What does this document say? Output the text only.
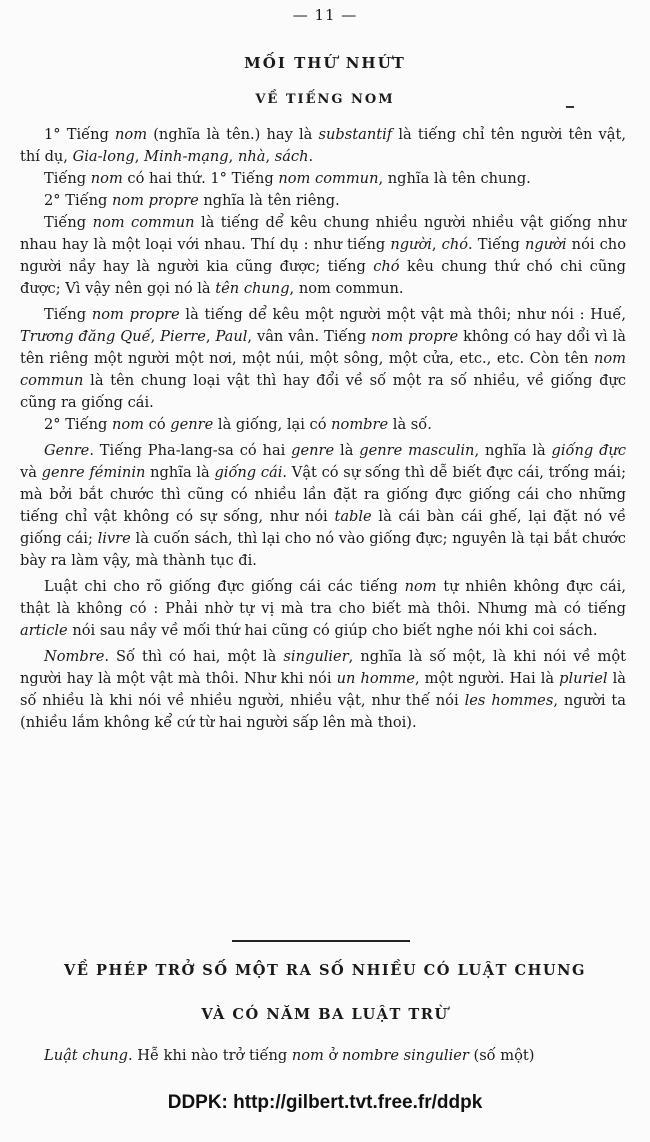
— 11 —
MỐI THỨ NHỨT
VỀ TIẾNG NOM

1° Tiếng nom (nghĩa là tên.) hay là substantif là tiếng chỉ tên người tên vật, thí dụ, Gia-long, Minh-mạng, nhà, sách.

Tiếng nom có hai thứ. 1° Tiếng nom commun, nghĩa là tên chung.

2° Tiếng nom propre nghĩa là tên riêng.

Tiếng nom commun là tiếng dể kêu chung nhiều người nhiều vật giống như nhau hay là một loại với nhau. Thí dụ : như tiếng người, chó. Tiếng người nói cho người nầy hay là người kia cũng được; tiếng chó kêu chung thứ chó chi cũng được; Vì vậy nên gọi nó là tên chung, nom commun.

Tiếng nom propre là tiếng dể kêu một người một vật mà thôi; như nói : Huế, Trương đăng Quế, Pierre, Paul, vân vân. Tiếng nom propre không có hay dổi vì là tên riêng một người một nơi, một núi, một sông, một cửa, etc., etc. Còn tên nom commun là tên chung loại vật thì hay đổi về số một ra số nhiều, về giống đực cũng ra giống cái.

2° Tiếng nom có genre là giống, lại có nombre là số.

Genre. Tiếng Pha-lang-sa có hai genre là genre masculin, nghĩa là giống đực và genre féminin nghĩa là giống cái. Vật có sự sống thì dễ biết đực cái, trống mái; mà bởi bắt chước thì cũng có nhiều lần đặt ra giống đực giống cái cho những tiếng chỉ vật không có sự sống, như nói table là cái bàn cái ghế, lại đặt nó về giống cái; livre là cuốn sách, thì lại cho nó vào giống đực; nguyên là tại bắt chước bày ra làm vậy, mà thành tục đi.

Luật chi cho rõ giống đực giống cái các tiếng nom tự nhiên không đực cái, thật là không có : Phải nhờ tự vị mà tra cho biết mà thôi. Nhưng mà có tiếng article nói sau nầy về mối thứ hai cũng có giúp cho biết nghe nói khi coi sách.

Nombre. Số thì có hai, một là singulier, nghĩa là số một, là khi nói về một người hay là một vật mà thôi. Như khi nói un homme, một người. Hai là pluriel là số nhiều là khi nói về nhiều người, nhiều vật, như thế nói les hommes, người ta (nhiều lắm không kể cứ từ hai người sấp lên mà thoi).

VỀ PHÉP TRỞ SỐ MỘT RA SỐ NHIỀU CÓ LUẬT CHUNG
VÀ CÓ NĂM BA LUẬT TRỪ
Luật chung. Hễ khi nào trở tiếng nom ở nombre singulier (số một)
DDPK: http://gilbert.tvt.free.fr/ddpk
